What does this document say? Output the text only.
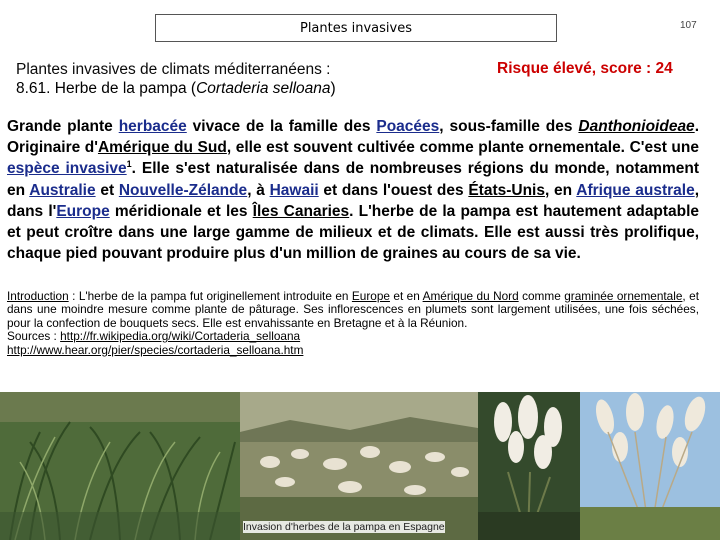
Plantes invasives	107
Plantes invasives de climats méditerranéens :
8.61. Herbe de la pampa (Cortaderia selloana)
Risque élevé, score : 24
Grande plante herbacée vivace de la famille des Poacées, sous-famille des Danthonioideae. Originaire d'Amérique du Sud, elle est souvent cultivée comme plante ornementale. C'est une espèce invasive$^1$. Elle s'est naturalisée dans de nombreuses régions du monde, notamment en Australie et Nouvelle-Zélande, à Hawaii et dans l'ouest des États-Unis, en Afrique australe, dans l'Europe méridionale et les Îles Canaries. L'herbe de la pampa est hautement adaptable et peut croître dans une large gamme de milieux et de climats. Elle est aussi très prolifique, chaque pied pouvant produire plus d'un million de graines au cours de sa vie.
Introduction : L'herbe de la pampa fut originellement introduite en Europe et en Amérique du Nord comme graminée ornementale, et dans une moindre mesure comme plante de pâturage. Ses inflorescences en plumets sont largement utilisées, une fois séchées, pour la confection de bouquets secs. Elle est envahissante en Bretagne et à la Réunion.
Sources : http://fr.wikipedia.org/wiki/Cortaderia_selloana
http://www.hear.org/pier/species/cortaderia_selloana.htm
Invasion d'herbes de la pampa en Espagne
